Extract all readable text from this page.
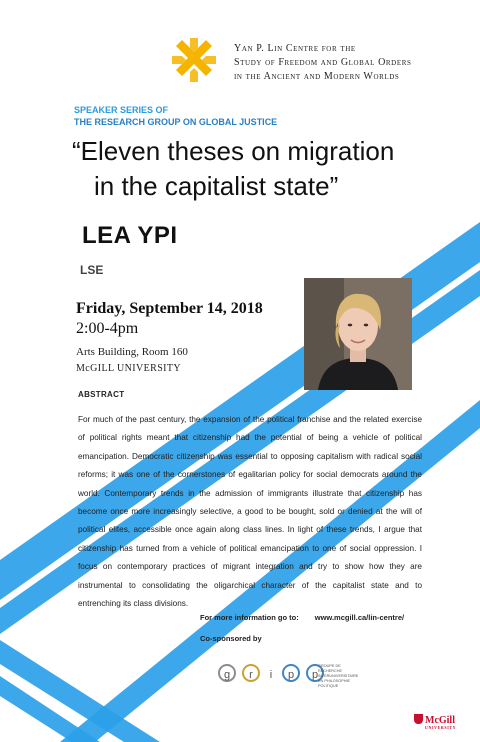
Yan P. Lin Centre for the
Study of Freedom and Global Orders
in the Ancient and Modern Worlds
SPEAKER SERIES OF
THE RESEARCH GROUP ON GLOBAL JUSTICE
“Eleven theses on migration
in the capitalist state”
LEA YPI
LSE
Friday, September 14, 2018
2:00-4pm
Arts Building, Room 160
McGILL UNIVERSITY
ABSTRACT
For much of the past century, the expansion of the political franchise and the related exercise of political rights meant that citizenship had the potential of being a vehicle of political emancipation. Democratic citizenship was essential to opposing capitalism with radical social reforms; it was one of the cornerstones of egalitarian policy for social democrats around the world. Contemporary trends in the admission of immigrants illustrate that citizenship has become once more increasingly selective, a good to be bought, sold or denied at the will of political elites, accessible once again along class lines. In light of these trends, I argue that citizenship has turned from a vehicle of political emancipation to one of social oppression. I focus on contemporary practices of migrant integration and try to show how they are instrumental to consolidating the oligarchical character of the capitalist state and to entrenching its class divisions.
For more information go to: www.mcgill.ca/lin-centre/
Co-sponsored by
g r i p p
GROUPE DE
RECHERCHE
INTERUNIVERSITAIRE
EN PHILOSOPHIE
POLITIQUE
McGill
UNIVERSITY
